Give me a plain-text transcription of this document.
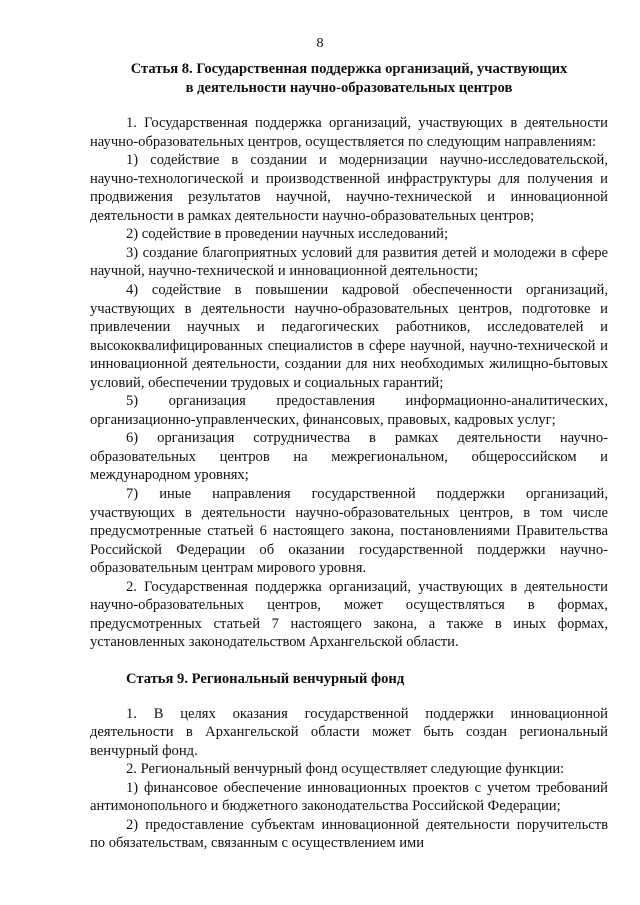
8
Статья 8. Государственная поддержка организаций, участвующих
в деятельности научно-образовательных центров

1. Государственная поддержка организаций, участвующих в деятельности научно-образовательных центров, осуществляется по следующим направлениям:

1) содействие в создании и модернизации научно-исследовательской, научно-технологической и производственной инфраструктуры для получения и продвижения результатов научной, научно-технической и инновационной деятельности в рамках деятельности научно-образовательных центров;

2) содействие в проведении научных исследований;

3) создание благоприятных условий для развития детей и молодежи в сфере научной, научно-технической и инновационной деятельности;

4) содействие в повышении кадровой обеспеченности организаций, участвующих в деятельности научно-образовательных центров, подготовке и привлечении научных и педагогических работников, исследователей и высококвалифицированных специалистов в сфере научной, научно-технической и инновационной деятельности, создании для них необходимых жилищно-бытовых условий, обеспечении трудовых и социальных гарантий;

5) организация предоставления информационно-аналитических, организационно-управленческих, финансовых, правовых, кадровых услуг;

6) организация сотрудничества в рамках деятельности научно-образовательных центров на межрегиональном, общероссийском и международном уровнях;

7) иные направления государственной поддержки организаций, участвующих в деятельности научно-образовательных центров, в том числе предусмотренные статьей 6 настоящего закона, постановлениями Правительства Российской Федерации об оказании государственной поддержки научно-образовательным центрам мирового уровня.

2. Государственная поддержка организаций, участвующих в деятельности научно-образовательных центров, может осуществляться в формах, предусмотренных статьей 7 настоящего закона, а также в иных формах, установленных законодательством Архангельской области.

Статья 9. Региональный венчурный фонд

1. В целях оказания государственной поддержки инновационной деятельности в Архангельской области может быть создан региональный венчурный фонд.

2. Региональный венчурный фонд осуществляет следующие функции:

1) финансовое обеспечение инновационных проектов с учетом требований антимонопольного и бюджетного законодательства Российской Федерации;

2) предоставление субъектам инновационной деятельности поручительств по обязательствам, связанным с осуществлением ими
